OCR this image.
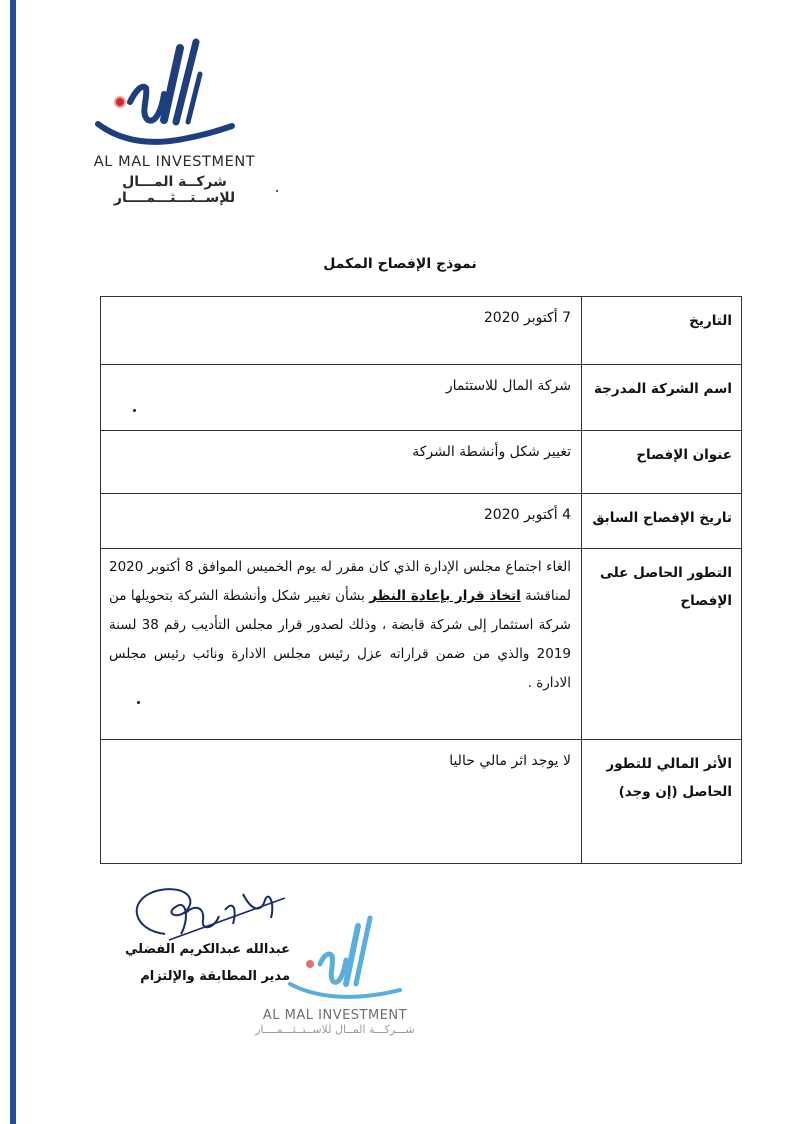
AL MAL INVESTMENT
شركــة المـــال للإســتـــثـــمــــار
نموذج الإفصاح المكمل
التاريخ
7 أكتوبر 2020
اسم الشركة المدرجة
شركة المال للاستثمار
عنوان الإفصاح
تغيير شكل وأنشطة الشركة
تاريخ الإفصاح السابق
4 أكتوبر 2020
التطور الحاصل على الإفصاح
الغاء اجتماع مجلس الإدارة الذي كان مقرر له يوم الخميس الموافق 8 أكتوبر 2020 لمناقشة اتخاذ قرار بإعادة النظر بشأن تغيير شكل وأنشطة الشركة بتحويلها من شركة استثمار إلى شركة قابضة ، وذلك لصدور قرار مجلس التأديب رقم 38 لسنة 2019 والذي من ضمن قراراته عزل رئيس مجلس الادارة ونائب رئيس مجلس الادارة .
الأثر المالي للتطور الحاصل (إن وجد)
لا يوجد اثر مالي حاليا
عبدالله عبدالكريم الفضلي
مدير المطابقة والإلتزام
AL MAL INVESTMENT
شـــركـــة المــال للاســتــثـــمــــار
